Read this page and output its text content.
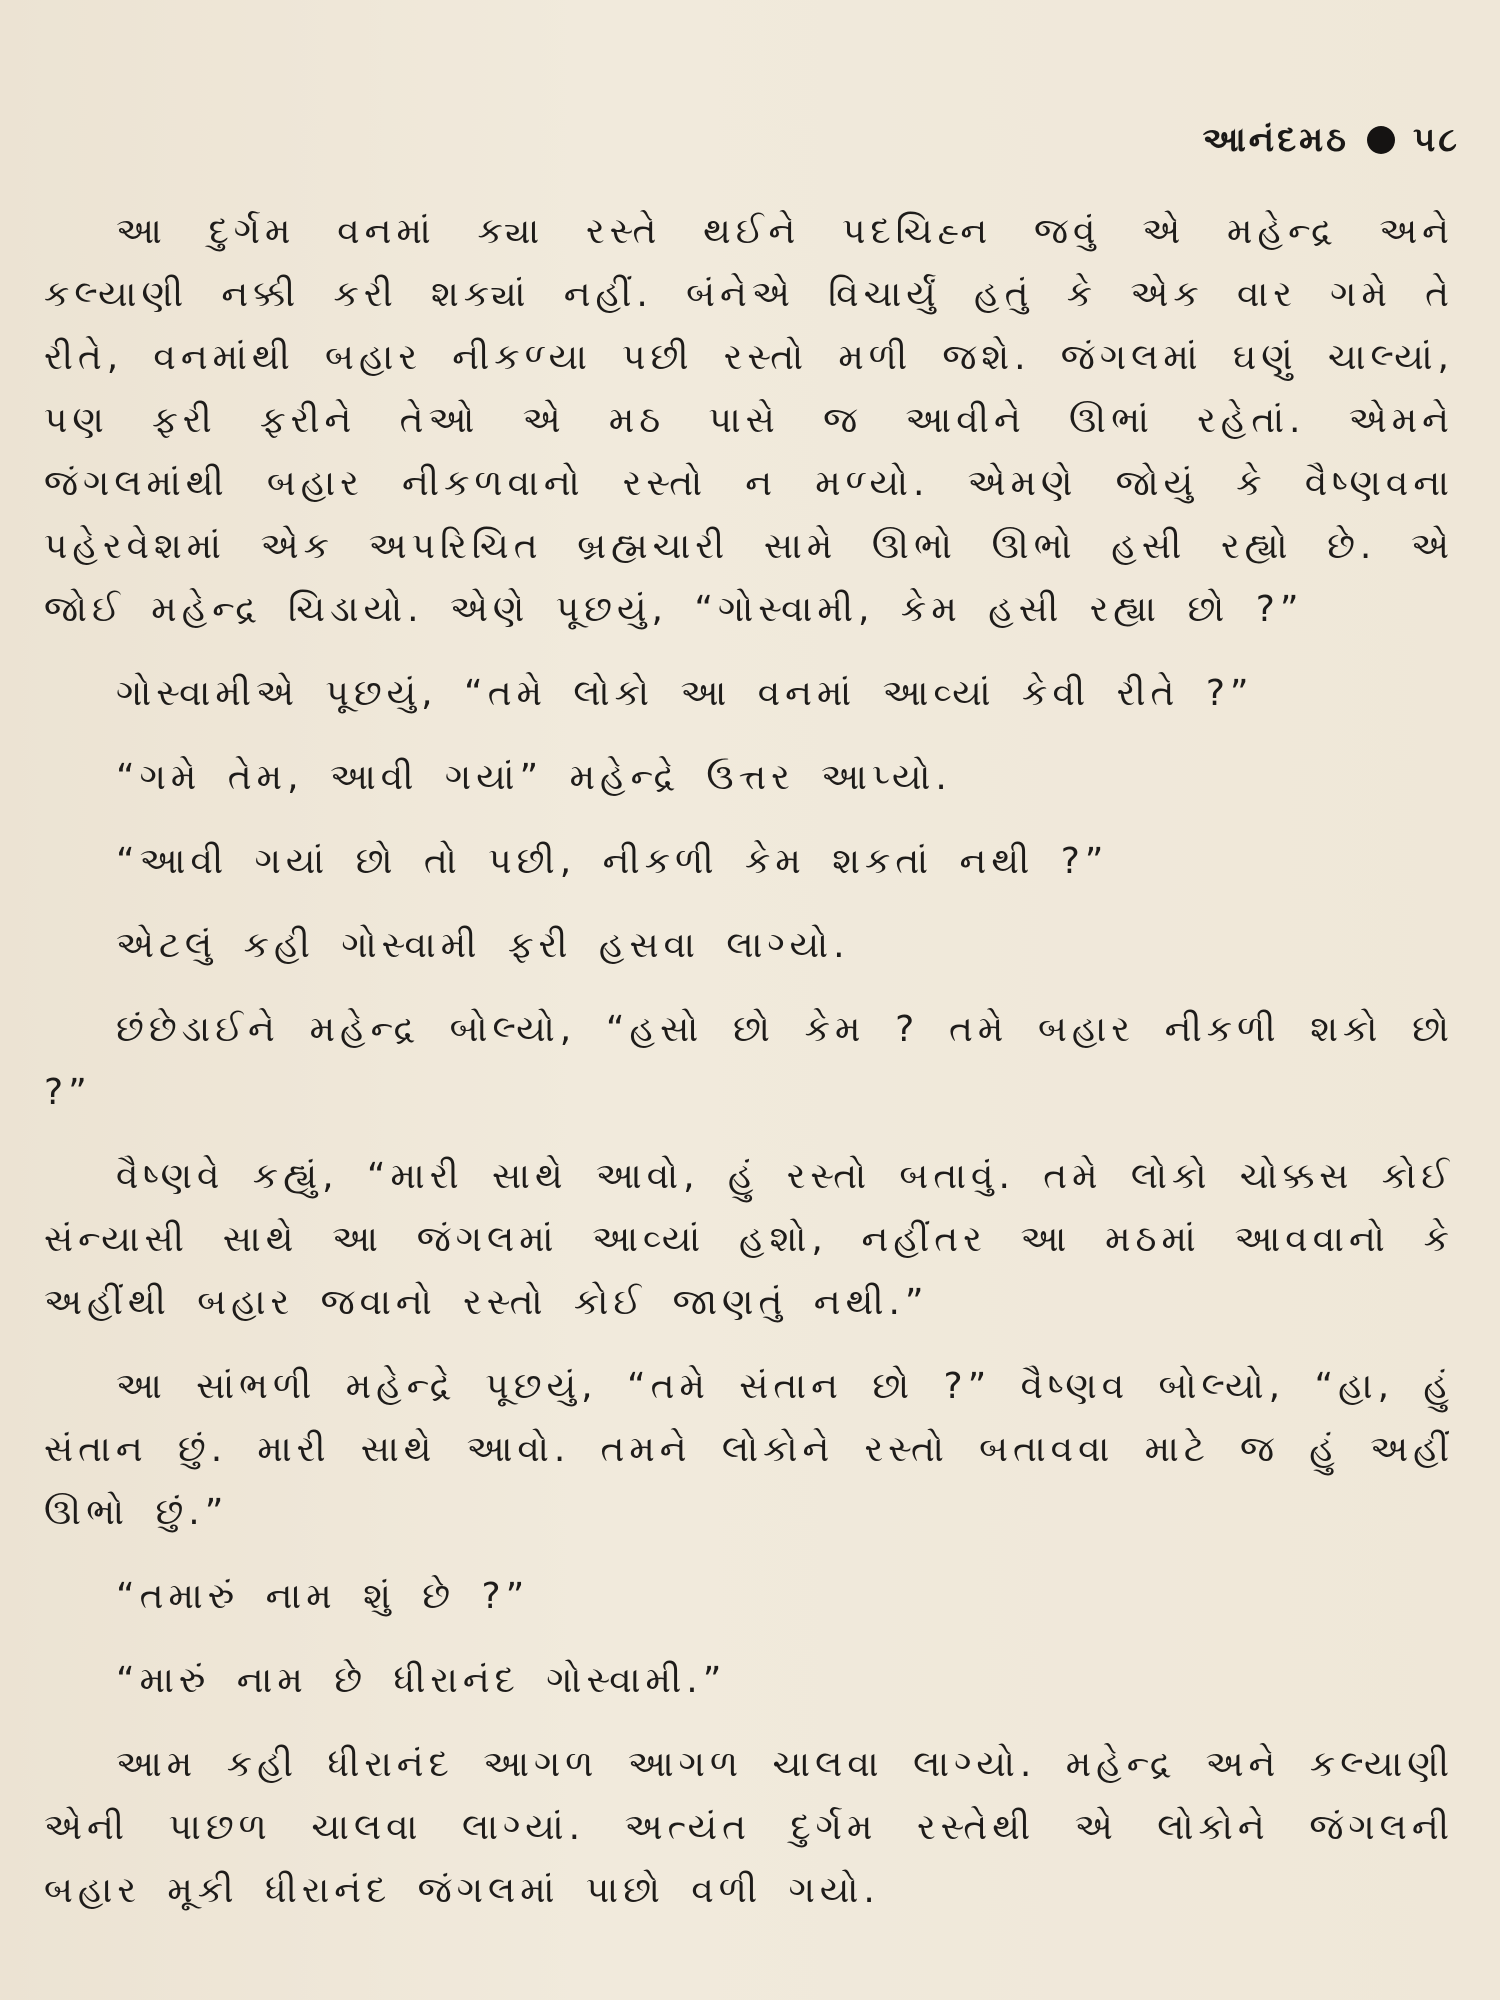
આનંદમઠ ૫૮

આ દુર્ગમ વનમાં ક્યા રસ્તે થઈને પદચિહ્ન જવું એ મહેન્દ્ર અને કલ્યાણી નક્કી કરી શક્યાં નહીં. બંનેએ વિચાર્યું હતું કે એક વાર ગમે તે રીતે, વનમાંથી બહાર નીકળ્યા પછી રસ્તો મળી જશે. જંગલમાં ઘણું ચાલ્યાં, પણ ફરી ફરીને તેઓ એ મઠ પાસે જ આવીને ઊભાં રહેતાં. એમને જંગલમાંથી બહાર નીકળવાનો રસ્તો ન મળ્યો. એમણે જોયું કે વૈષ્ણવના પહેરવેશમાં એક અપરિચિત બ્રહ્મચારી સામે ઊભો ઊભો હસી રહ્યો છે. એ જોઈ મહેન્દ્ર ચિડાયો. એણે પૂછયું, “ગોસ્વામી, કેમ હસી રહ્યા છો ?”

ગોસ્વામીએ પૂછયું, “તમે લોકો આ વનમાં આવ્યાં કેવી રીતે ?”

“ગમે તેમ, આવી ગયાં” મહેન્દ્રે ઉત્તર આપ્યો.

“આવી ગયાં છો તો પછી, નીકળી કેમ શકતાં નથી ?”

એટલું કહી ગોસ્વામી ફરી હસવા લાગ્યો.

છંછેડાઈને મહેન્દ્ર બોલ્યો, “હસો છો કેમ ? તમે બહાર નીકળી શકો છો ?”

વૈષ્ણવે કહ્યું, “મારી સાથે આવો, હું રસ્તો બતાવું. તમે લોકો ચોક્કસ કોઈ સંન્યાસી સાથે આ જંગલમાં આવ્યાં હશો, નહીંતર આ મઠમાં આવવાનો કે અહીંથી બહાર જવાનો રસ્તો કોઈ જાણતું નથી.”

આ સાંભળી મહેન્દ્રે પૂછયું, “તમે સંતાન છો ?” વૈષ્ણવ બોલ્યો, “હા, હું સંતાન છું. મારી સાથે આવો. તમને લોકોને રસ્તો બતાવવા માટે જ હું અહીં ઊભો છું.”

“તમારું નામ શું છે ?”

“મારું નામ છે ધીરાનંદ ગોસ્વામી.”

આમ કહી ધીરાનંદ આગળ આગળ ચાલવા લાગ્યો. મહેન્દ્ર અને કલ્યાણી એની પાછળ ચાલવા લાગ્યાં. અત્યંત દુર્ગમ રસ્તેથી એ લોકોને જંગલની બહાર મૂકી ધીરાનંદ જંગલમાં પાછો વળી ગયો.
